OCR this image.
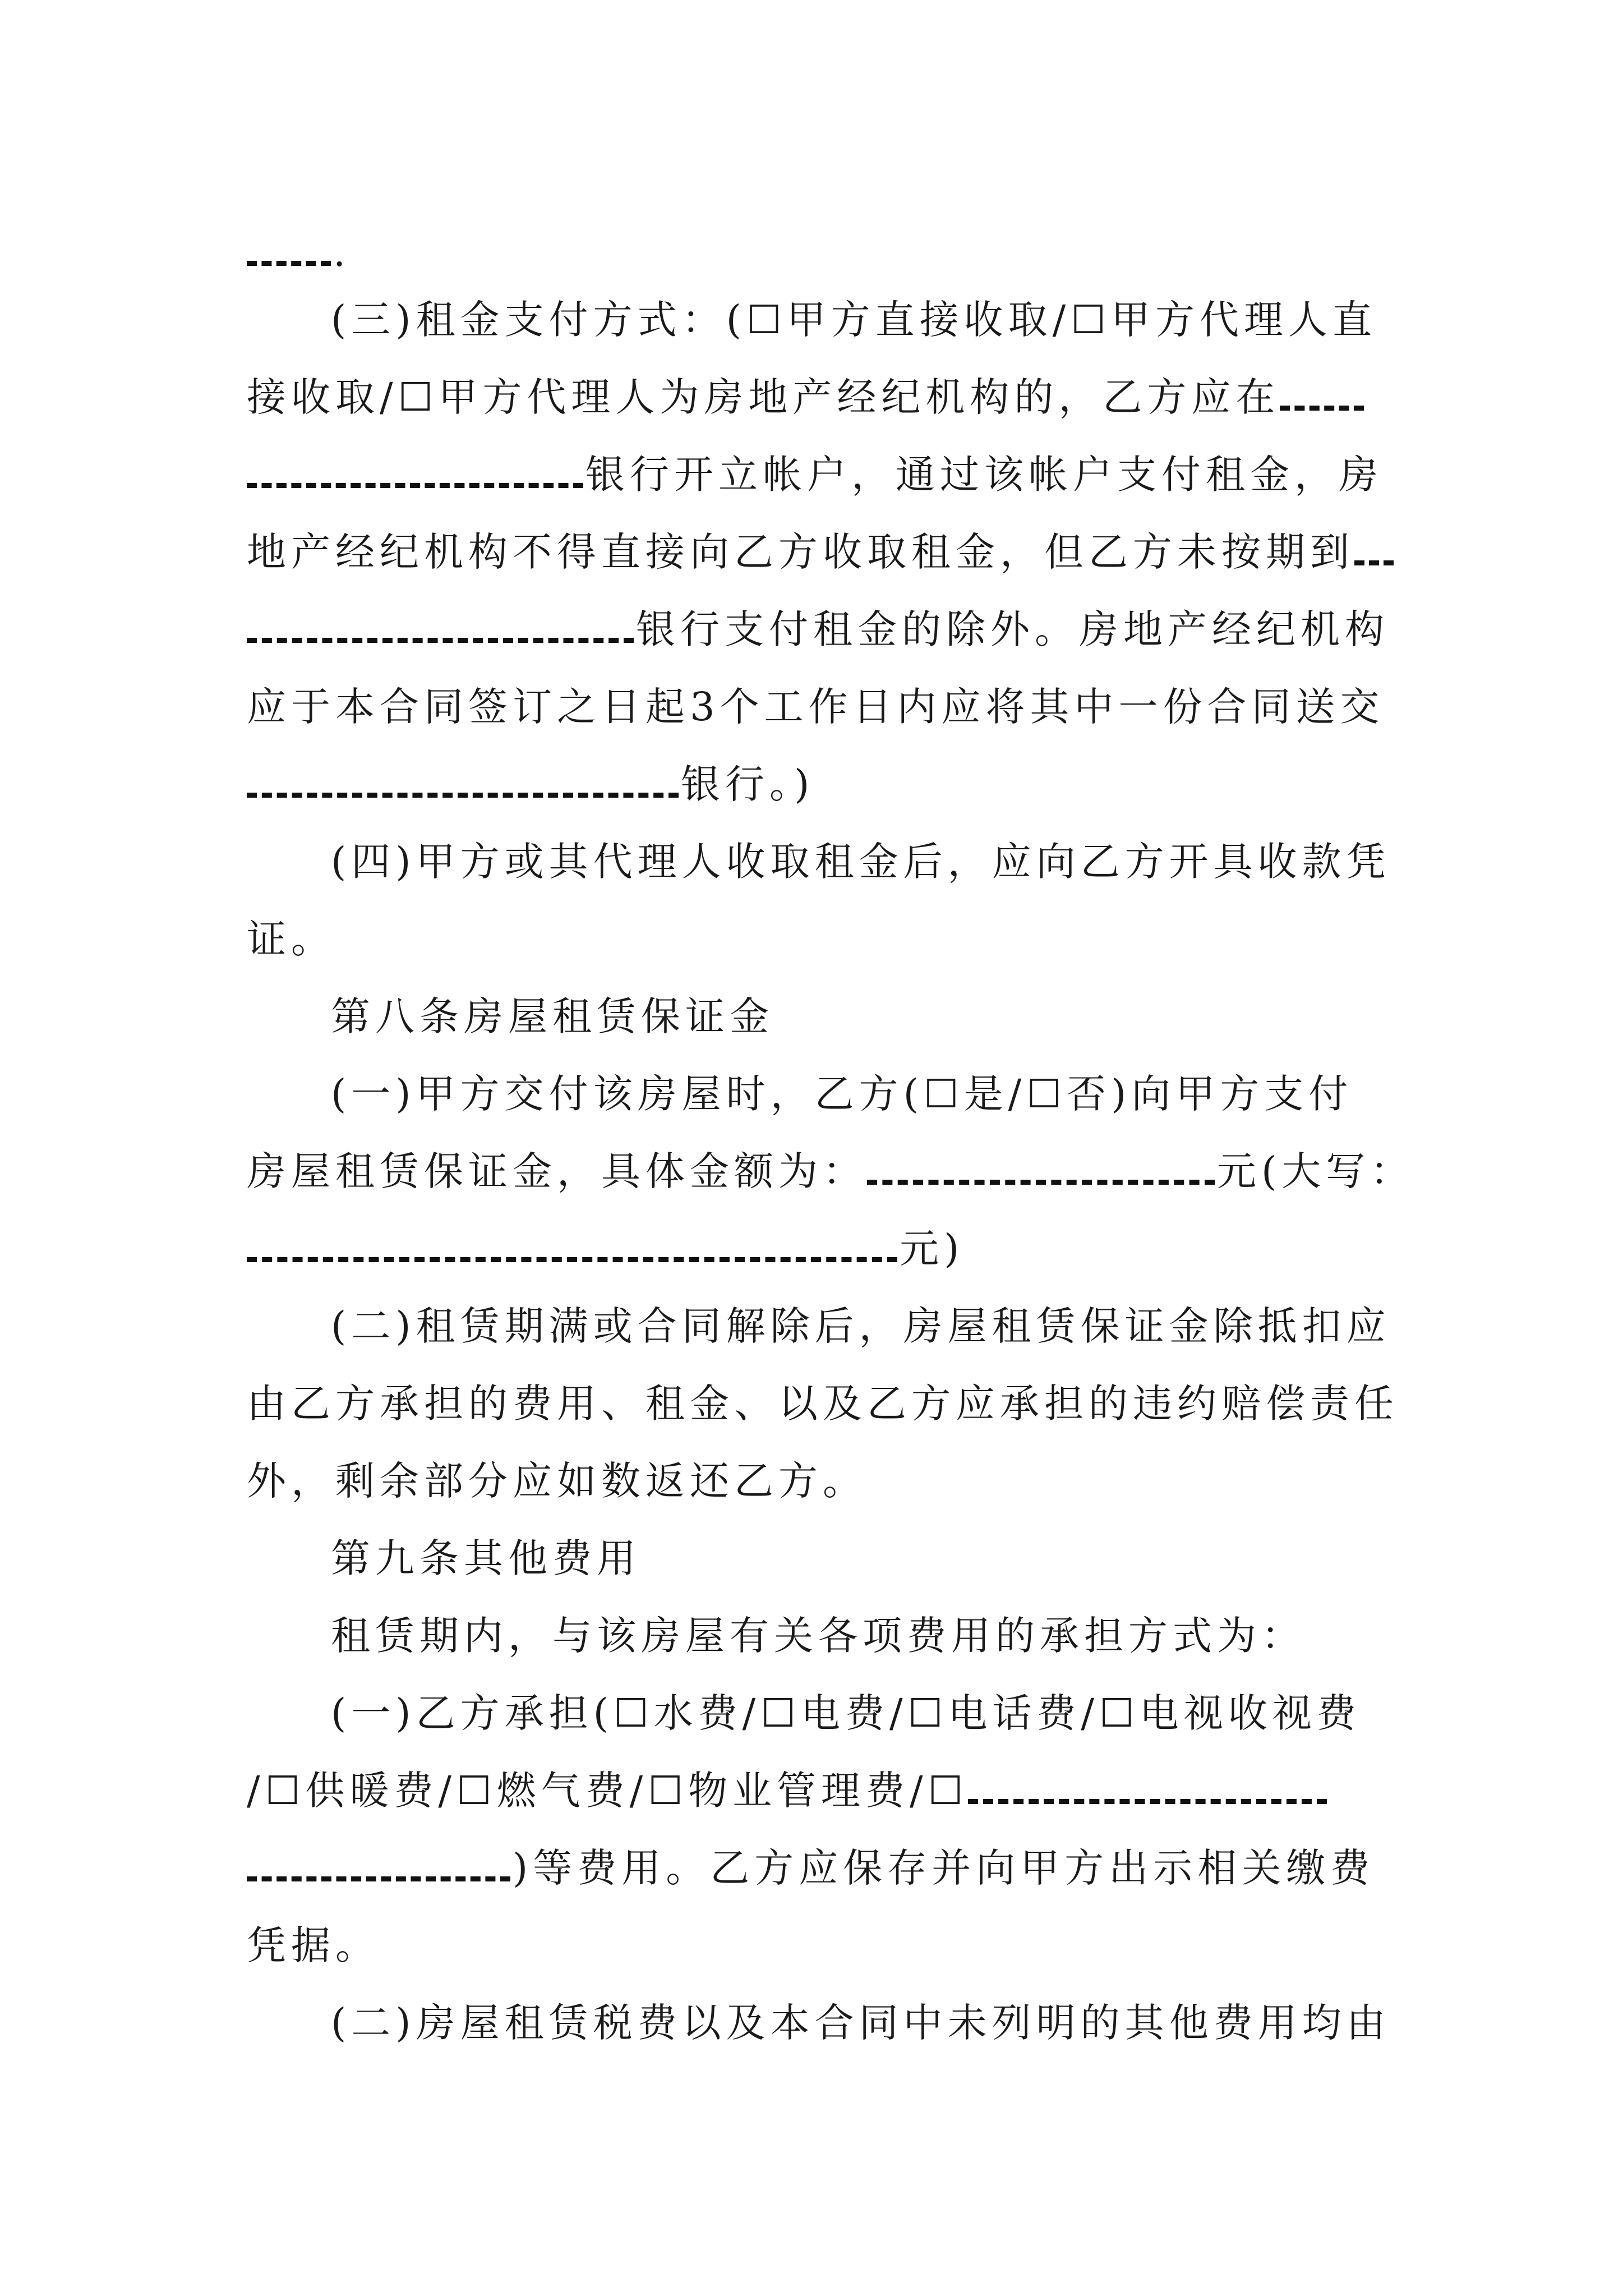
.
(三)租金支付方式：(☐甲方直接收取/☐甲方代理人直
接收取/☐甲方代理人为房地产经纪机构的，乙方应在
银行开立帐户，通过该帐户支付租金，房
地产经纪机构不得直接向乙方收取租金，但乙方未按期到
银行支付租金的除外。房地产经纪机构
应于本合同签订之日起3个工作日内应将其中一份合同送交
银行。)
(四)甲方或其代理人收取租金后，应向乙方开具收款凭
证。
第八条房屋租赁保证金
(一)甲方交付该房屋时，乙方(☐是/☐否)向甲方支付
房屋租赁保证金，具体金额为：	元(大写：
元)
(二)租赁期满或合同解除后，房屋租赁保证金除抵扣应
由乙方承担的费用、租金、以及乙方应承担的违约赔偿责任
外，剩余部分应如数返还乙方。
第九条其他费用
租赁期内，与该房屋有关各项费用的承担方式为：
(一)乙方承担(☐水费/☐电费/☐电话费/☐电视收视费
/☐供暖费/☐燃气费/☐物业管理费/☐
)等费用。乙方应保存并向甲方出示相关缴费
凭据。
(二)房屋租赁税费以及本合同中未列明的其他费用均由
